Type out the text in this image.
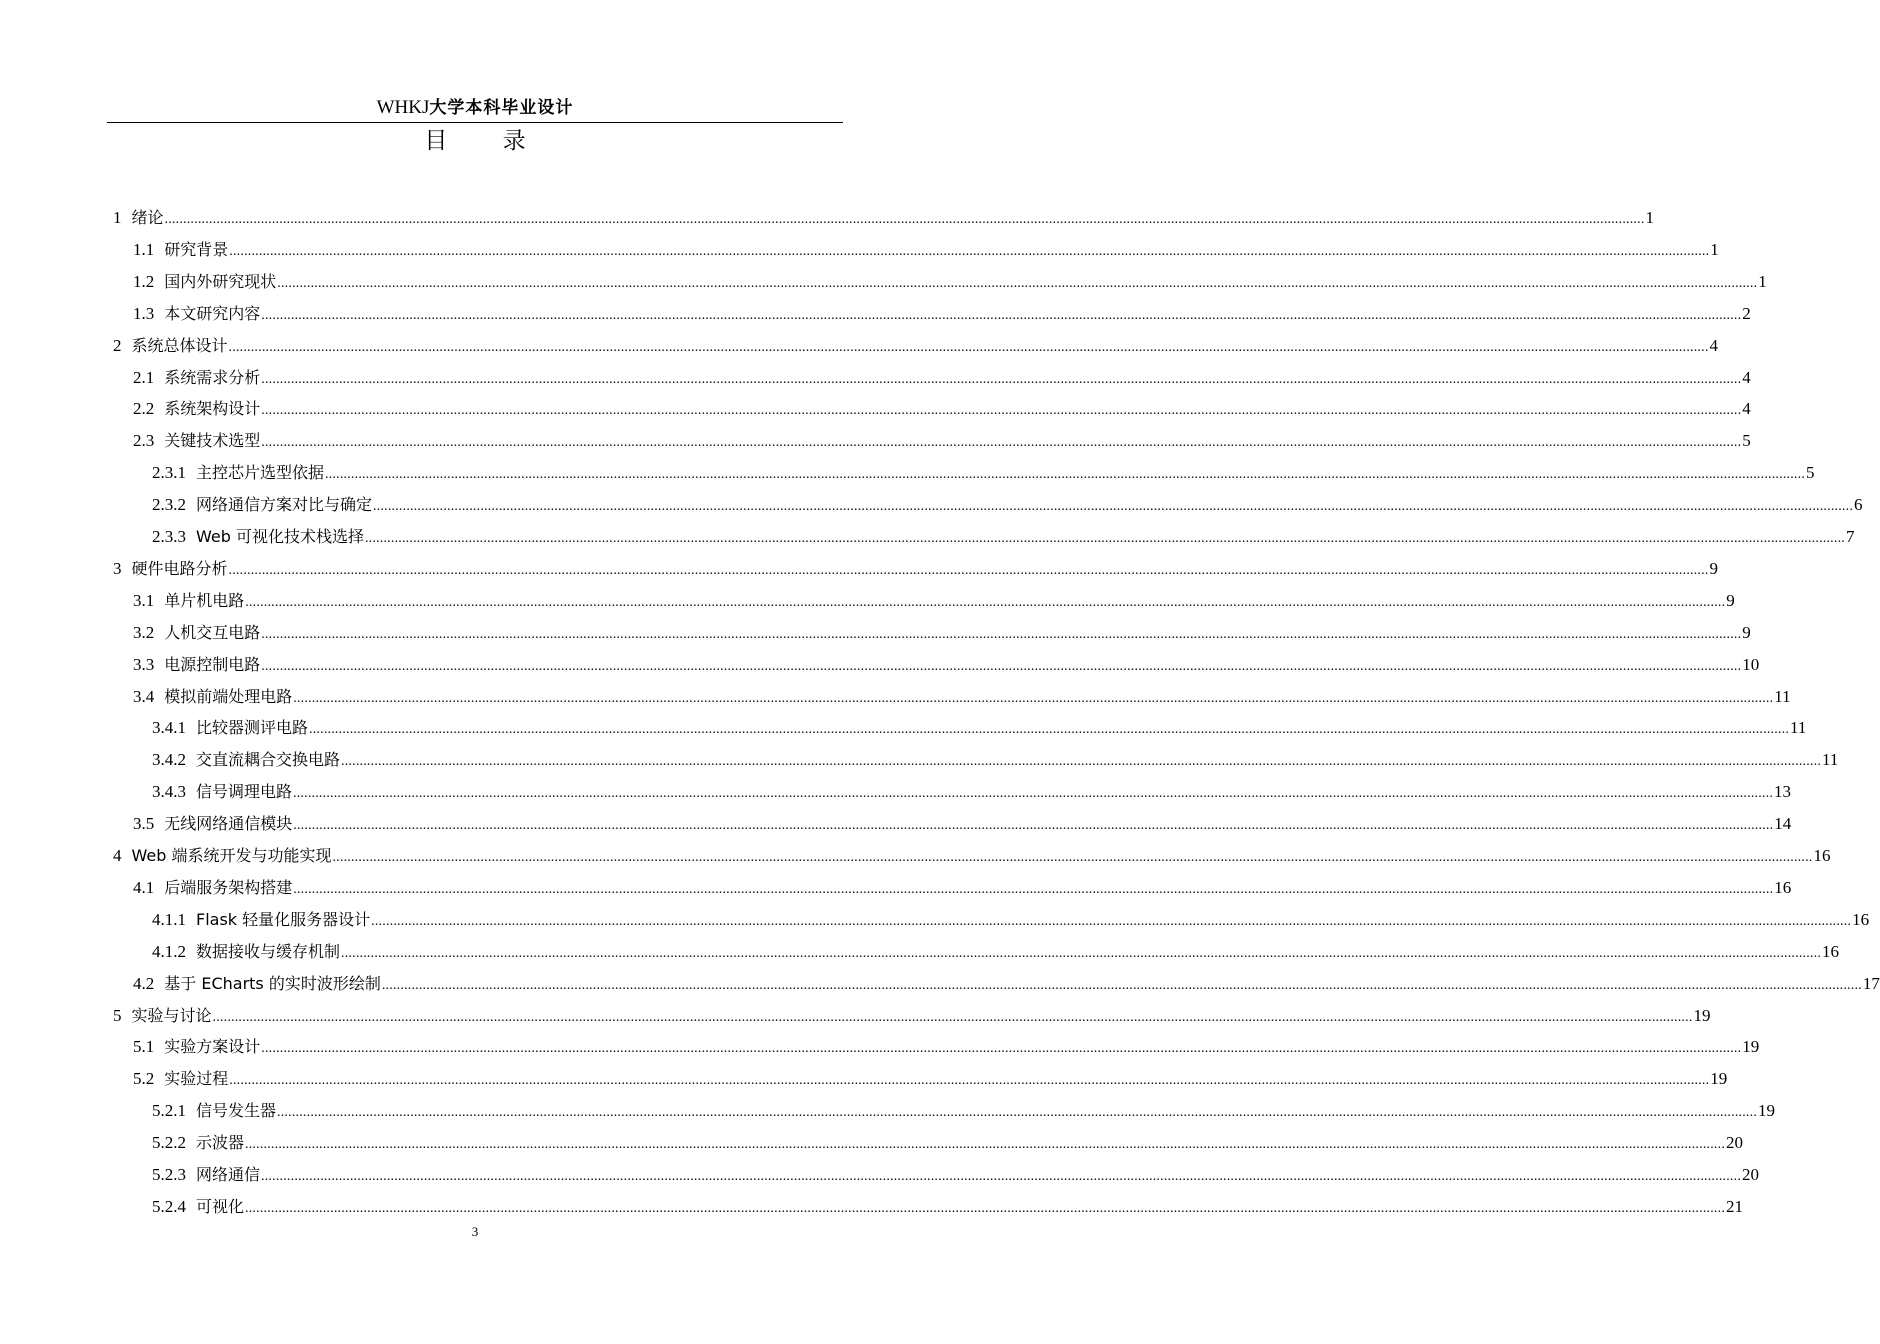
WHKJ大学本科毕业设计
目 录
1 绪论 ................................................................................................................................................................................................................................................................................................................................................................................................................ 1
1.1 研究背景 ................................................................................................................................................................................................................................................................................................................................................................................................................ 1
1.2 国内外研究现状 ................................................................................................................................................................................................................................................................................................................................................................................................................ 1
1.3 本文研究内容 ................................................................................................................................................................................................................................................................................................................................................................................................................ 2
2 系统总体设计 ................................................................................................................................................................................................................................................................................................................................................................................................................ 4
2.1 系统需求分析 ................................................................................................................................................................................................................................................................................................................................................................................................................ 4
2.2 系统架构设计 ................................................................................................................................................................................................................................................................................................................................................................................................................ 4
2.3 关键技术选型 ................................................................................................................................................................................................................................................................................................................................................................................................................ 5
2.3.1 主控芯片选型依据 ................................................................................................................................................................................................................................................................................................................................................................................................................ 5
2.3.2 网络通信方案对比与确定 ................................................................................................................................................................................................................................................................................................................................................................................................................ 6
2.3.3 Web 可视化技术栈选择 ................................................................................................................................................................................................................................................................................................................................................................................................................ 7
3 硬件电路分析 ................................................................................................................................................................................................................................................................................................................................................................................................................ 9
3.1 单片机电路 ................................................................................................................................................................................................................................................................................................................................................................................................................ 9
3.2 人机交互电路 ................................................................................................................................................................................................................................................................................................................................................................................................................ 9
3.3 电源控制电路 ................................................................................................................................................................................................................................................................................................................................................................................................................ 10
3.4 模拟前端处理电路 ................................................................................................................................................................................................................................................................................................................................................................................................................ 11
3.4.1 比较器测评电路 ................................................................................................................................................................................................................................................................................................................................................................................................................ 11
3.4.2 交直流耦合交换电路 ................................................................................................................................................................................................................................................................................................................................................................................................................ 11
3.4.3 信号调理电路 ................................................................................................................................................................................................................................................................................................................................................................................................................ 13
3.5 无线网络通信模块 ................................................................................................................................................................................................................................................................................................................................................................................................................ 14
4 Web 端系统开发与功能实现 ................................................................................................................................................................................................................................................................................................................................................................................................................ 16
4.1 后端服务架构搭建 ................................................................................................................................................................................................................................................................................................................................................................................................................ 16
4.1.1 Flask 轻量化服务器设计 ................................................................................................................................................................................................................................................................................................................................................................................................................ 16
4.1.2 数据接收与缓存机制 ................................................................................................................................................................................................................................................................................................................................................................................................................ 16
4.2 基于 ECharts 的实时波形绘制 ................................................................................................................................................................................................................................................................................................................................................................................................................ 17
5 实验与讨论 ................................................................................................................................................................................................................................................................................................................................................................................................................ 19
5.1 实验方案设计 ................................................................................................................................................................................................................................................................................................................................................................................................................ 19
5.2 实验过程 ................................................................................................................................................................................................................................................................................................................................................................................................................ 19
5.2.1 信号发生器 ................................................................................................................................................................................................................................................................................................................................................................................................................ 19
5.2.2 示波器 ................................................................................................................................................................................................................................................................................................................................................................................................................ 20
5.2.3 网络通信 ................................................................................................................................................................................................................................................................................................................................................................................................................ 20
5.2.4 可视化 ................................................................................................................................................................................................................................................................................................................................................................................................................ 21
3
